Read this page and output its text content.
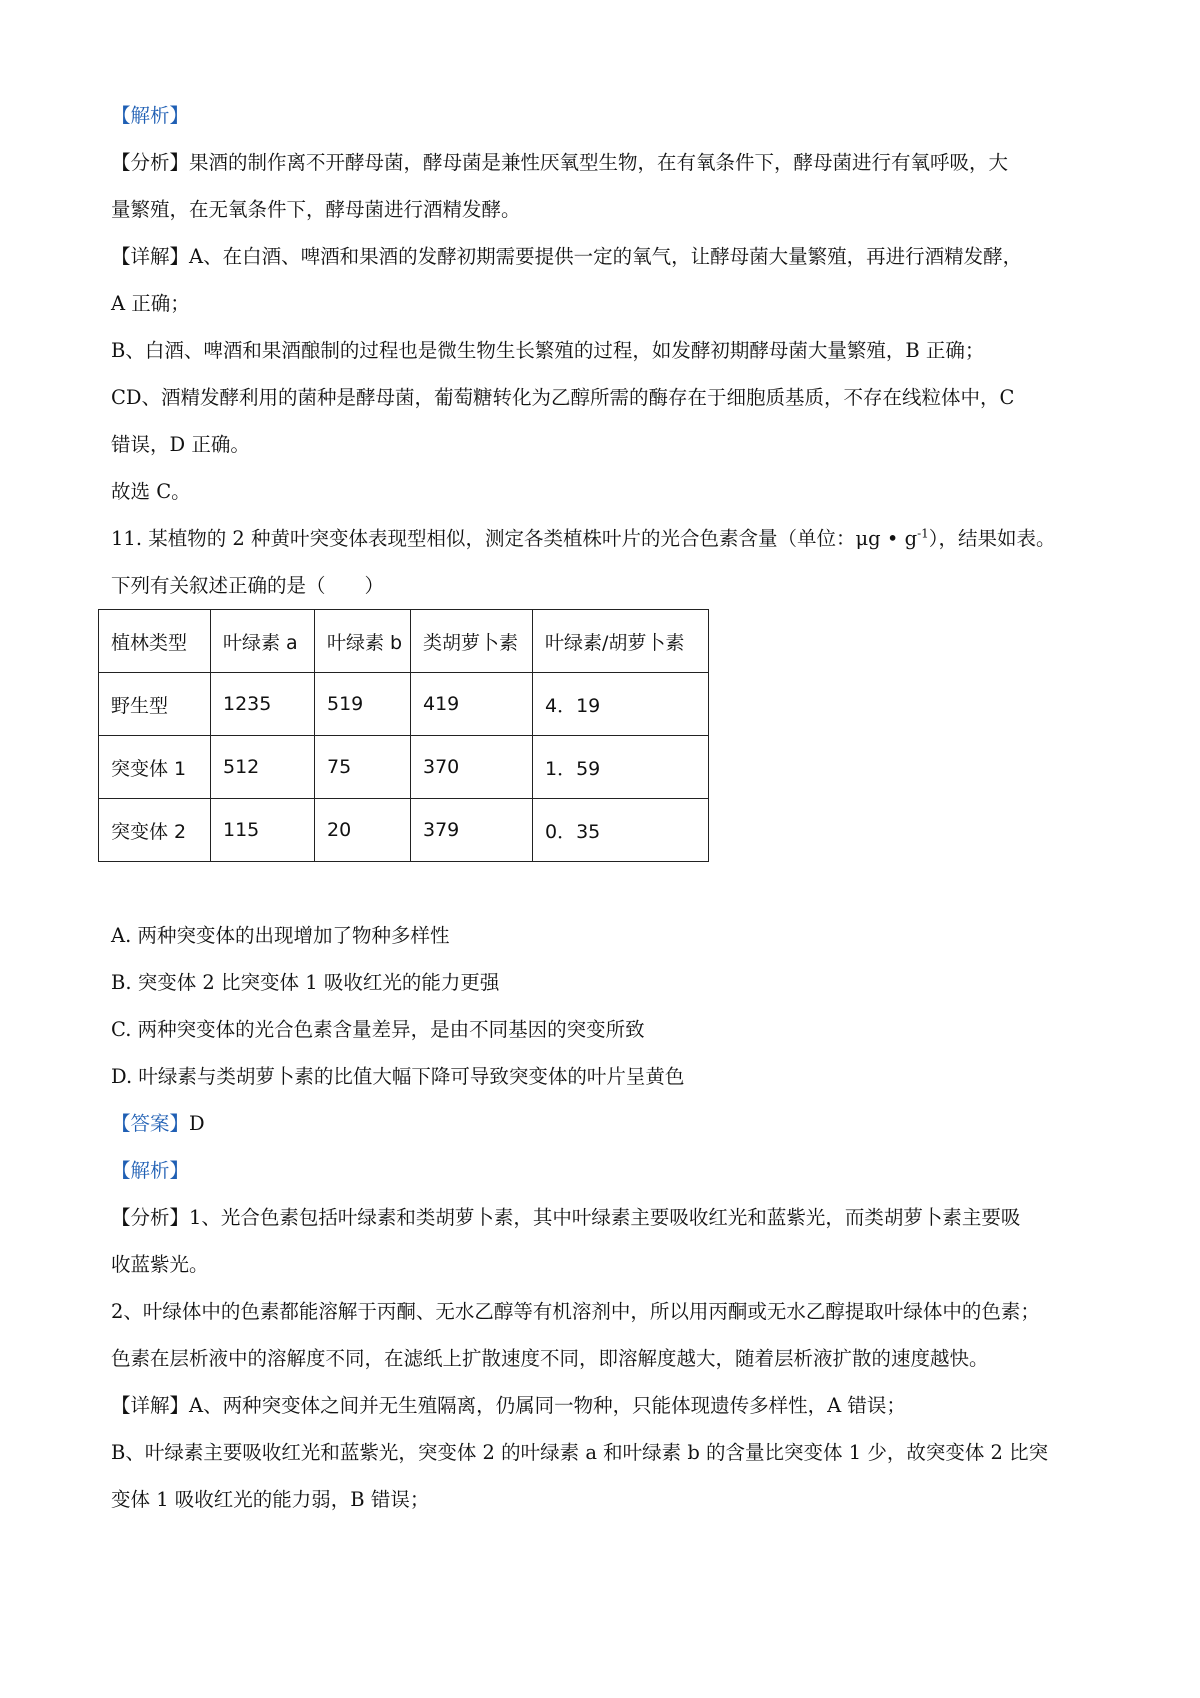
【解析】
【分析】果酒的制作离不开酵母菌，酵母菌是兼性厌氧型生物，在有氧条件下，酵母菌进行有氧呼吸，大
量繁殖，在无氧条件下，酵母菌进行酒精发酵。
【详解】A、在白酒、啤酒和果酒的发酵初期需要提供一定的氧气，让酵母菌大量繁殖，再进行酒精发酵，
A 正确；
B、白酒、啤酒和果酒酿制的过程也是微生物生长繁殖的过程，如发酵初期酵母菌大量繁殖，B 正确；
CD、酒精发酵利用的菌种是酵母菌，葡萄糖转化为乙醇所需的酶存在于细胞质基质，不存在线粒体中，C
错误，D 正确。
故选 C。
11. 某植物的 2 种黄叶突变体表现型相似，测定各类植株叶片的光合色素含量（单位：μg • $g^{-1}$），结果如表。
下列有关叙述正确的是（　　）
植林类型	叶绿素 a	叶绿素 b	类胡萝卜素	叶绿素/胡萝卜素
野生型	1235	519	419	4．19
突变体 1	512	75	370	1．59
突变体 2	115	20	379	0．35
A. 两种突变体的出现增加了物种多样性
B. 突变体 2 比突变体 1 吸收红光的能力更强
C. 两种突变体的光合色素含量差异，是由不同基因的突变所致
D. 叶绿素与类胡萝卜素的比值大幅下降可导致突变体的叶片呈黄色
【答案】D
【解析】
【分析】1、光合色素包括叶绿素和类胡萝卜素，其中叶绿素主要吸收红光和蓝紫光，而类胡萝卜素主要吸
收蓝紫光。
2、叶绿体中的色素都能溶解于丙酮、无水乙醇等有机溶剂中，所以用丙酮或无水乙醇提取叶绿体中的色素；
色素在层析液中的溶解度不同，在滤纸上扩散速度不同，即溶解度越大，随着层析液扩散的速度越快。
【详解】A、两种突变体之间并无生殖隔离，仍属同一物种，只能体现遗传多样性，A 错误；
B、叶绿素主要吸收红光和蓝紫光，突变体 2 的叶绿素 a 和叶绿素 b 的含量比突变体 1 少，故突变体 2 比突
变体 1 吸收红光的能力弱，B 错误；
